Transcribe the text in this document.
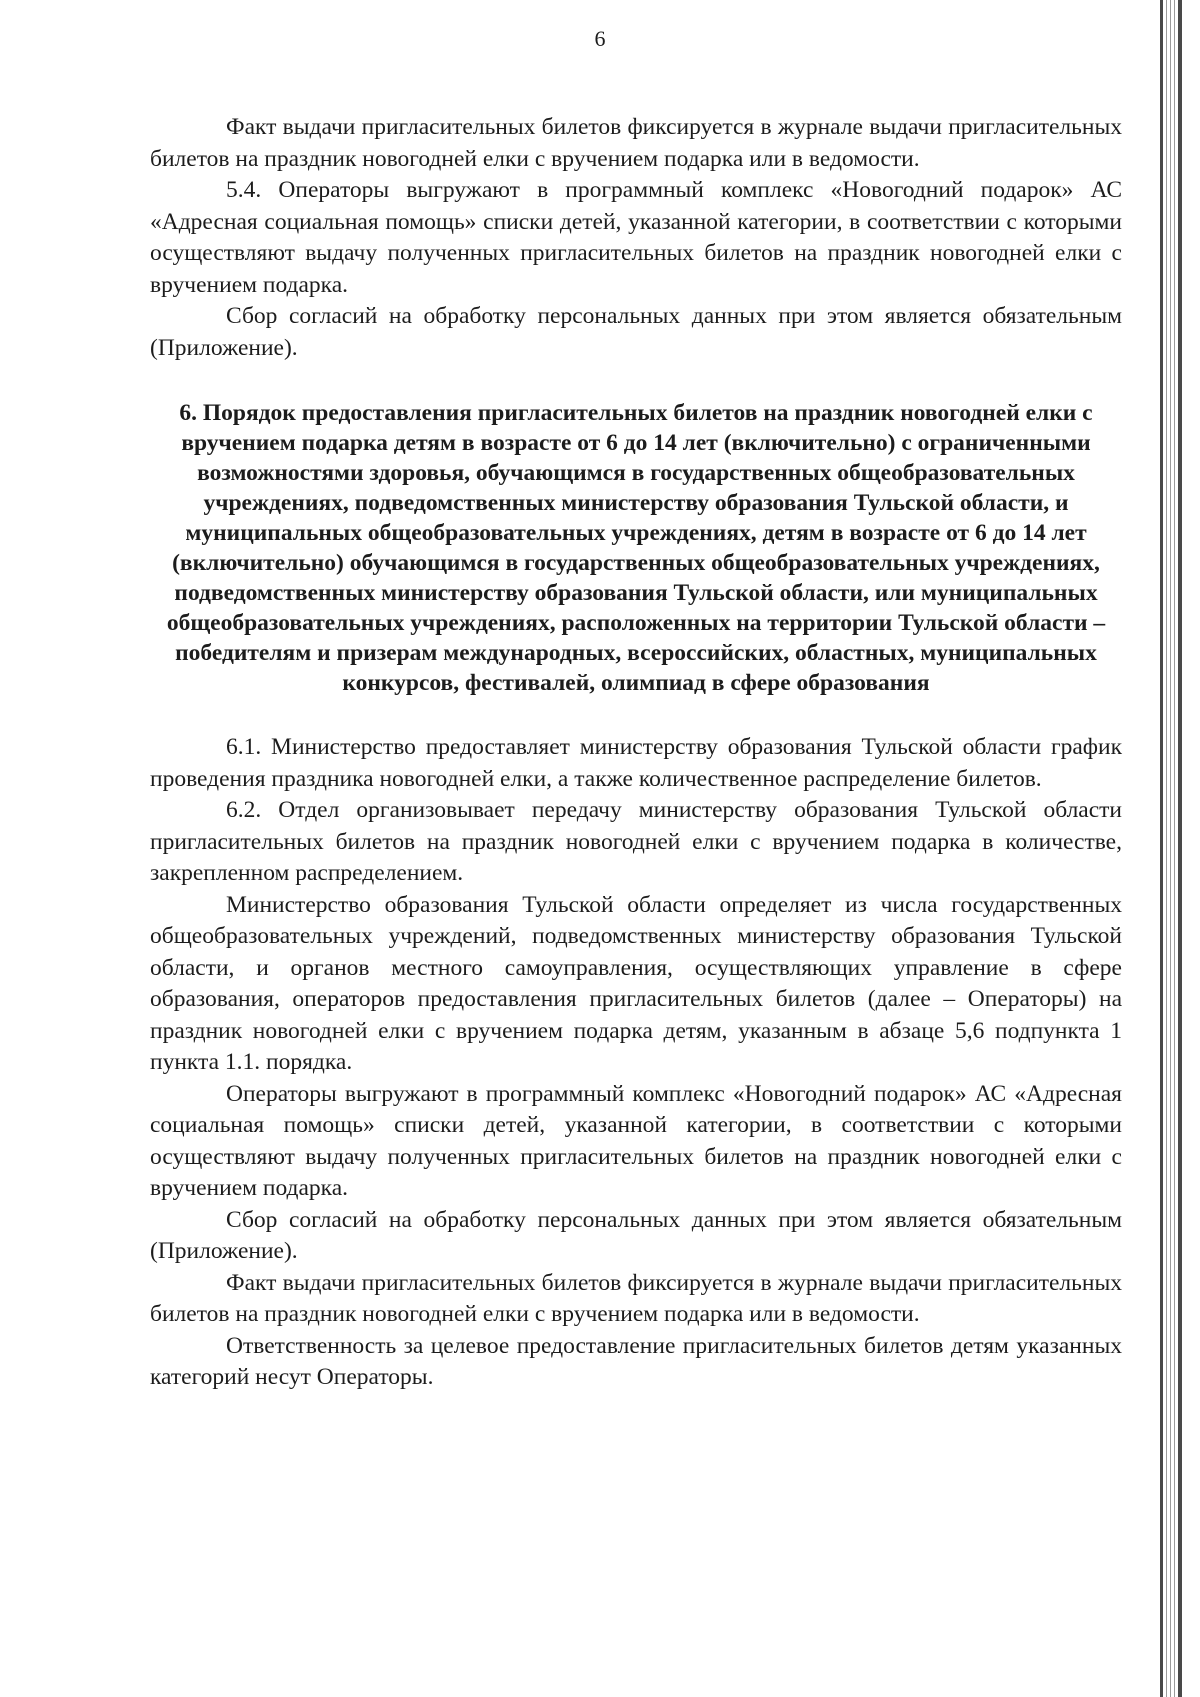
6

Факт выдачи пригласительных билетов фиксируется в журнале выдачи пригласительных билетов на праздник новогодней елки с вручением подарка или в ведомости.

5.4. Операторы выгружают в программный комплекс «Новогодний подарок» АС «Адресная социальная помощь» списки детей, указанной категории, в соответствии с которыми осуществляют выдачу полученных пригласительных билетов на праздник новогодней елки с вручением подарка.

Сбор согласий на обработку персональных данных при этом является обязательным (Приложение).

6. Порядок предоставления пригласительных билетов на праздник новогодней елки с вручением подарка детям в возрасте от 6 до 14 лет (включительно) с ограниченными возможностями здоровья, обучающимся в государственных общеобразовательных учреждениях, подведомственных министерству образования Тульской области, и муниципальных общеобразовательных учреждениях, детям в возрасте от 6 до 14 лет (включительно) обучающимся в государственных общеобразовательных учреждениях, подведомственных министерству образования Тульской области, или муниципальных общеобразовательных учреждениях, расположенных на территории Тульской области – победителям и призерам международных, всероссийских, областных, муниципальных конкурсов, фестивалей, олимпиад в сфере образования

6.1. Министерство предоставляет министерству образования Тульской области график проведения праздника новогодней елки, а также количественное распределение билетов.

6.2. Отдел организовывает передачу министерству образования Тульской области пригласительных билетов на праздник новогодней елки с вручением подарка в количестве, закрепленном распределением.

Министерство образования Тульской области определяет из числа государственных общеобразовательных учреждений, подведомственных министерству образования Тульской области, и органов местного самоуправления, осуществляющих управление в сфере образования, операторов предоставления пригласительных билетов (далее – Операторы) на праздник новогодней елки с вручением подарка детям, указанным в абзаце 5,6 подпункта 1 пункта 1.1. порядка.

Операторы выгружают в программный комплекс «Новогодний подарок» АС «Адресная социальная помощь» списки детей, указанной категории, в соответствии с которыми осуществляют выдачу полученных пригласительных билетов на праздник новогодней елки с вручением подарка.

Сбор согласий на обработку персональных данных при этом является обязательным (Приложение).

Факт выдачи пригласительных билетов фиксируется в журнале выдачи пригласительных билетов на праздник новогодней елки с вручением подарка или в ведомости.

Ответственность за целевое предоставление пригласительных билетов детям указанных категорий несут Операторы.
